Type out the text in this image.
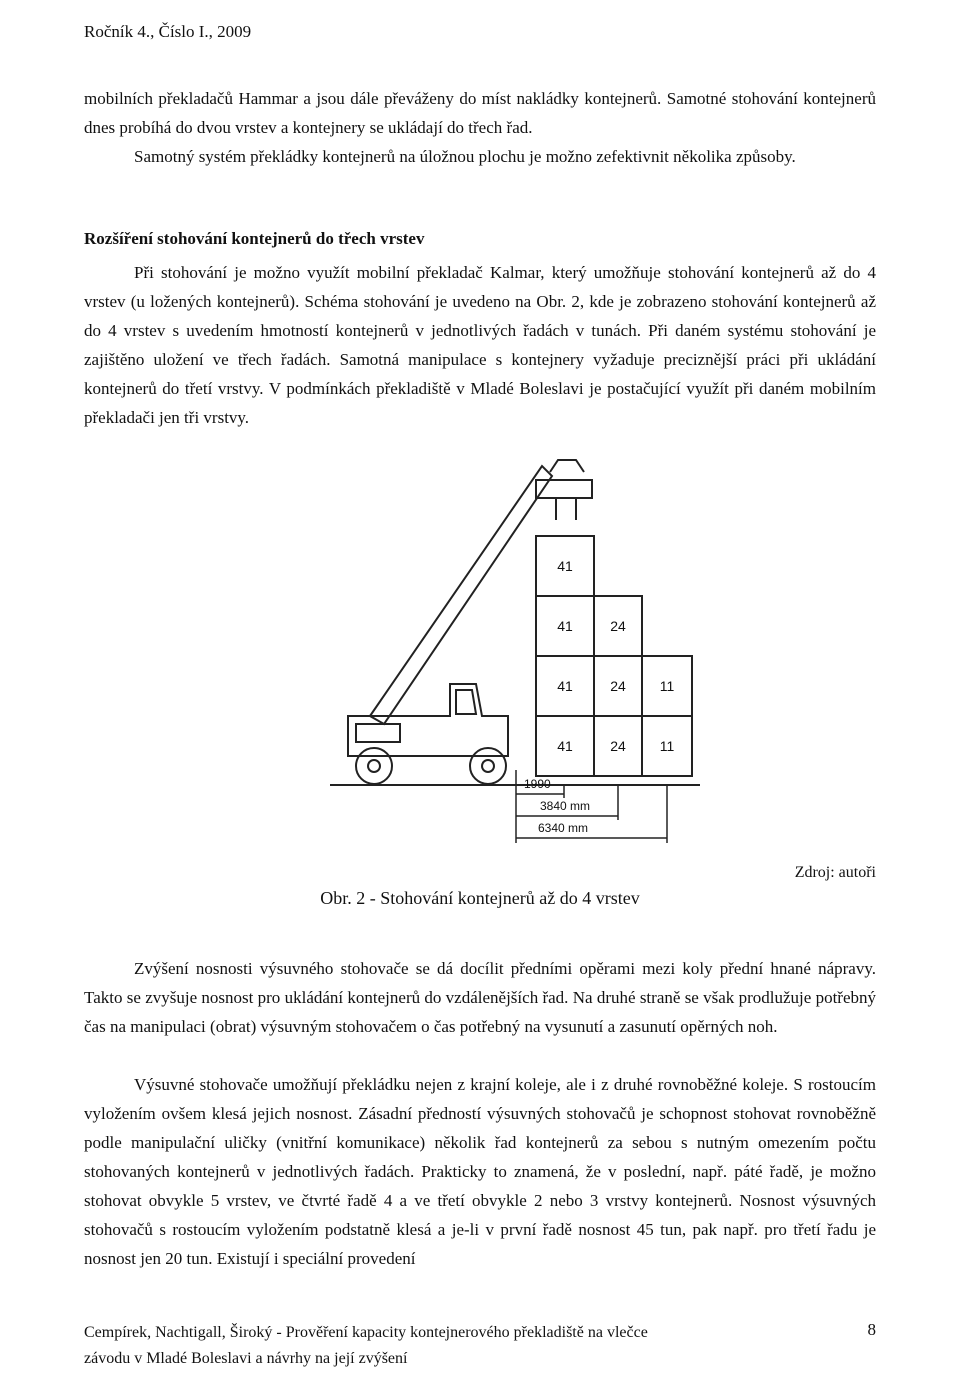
Ročník 4., Číslo I., 2009

mobilních překladačů Hammar a jsou dále převáženy do míst nakládky kontejnerů. Samotné stohování kontejnerů dnes probíhá do dvou vrstev a kontejnery se ukládají do třech řad.

Samotný systém překládky kontejnerů na úložnou plochu je možno zefektivnit několika způsoby.

Rozšíření stohování kontejnerů do třech vrstev

Při stohování je možno využít mobilní překladač Kalmar, který umožňuje stohování kontejnerů až do 4 vrstev (u ložených kontejnerů). Schéma stohování je uvedeno na Obr. 2, kde je zobrazeno stohování kontejnerů až do 4 vrstev s uvedením hmotností kontejnerů v jednotlivých řadách v tunách. Při daném systému stohování je zajištěno uložení ve třech řadách. Samotná manipulace s kontejnery vyžaduje preciznější práci při ukládání kontejnerů do třetí vrstvy. V podmínkách překladiště v Mladé Boleslavi je postačující využít při daném mobilním překladači jen tři vrstvy.

41
41
41
41
24
24
24
11
11
1990
3840 mm
6340 mm
Zdroj: autoři
Obr. 2 - Stohování kontejnerů až do 4 vrstev

Zvýšení nosnosti výsuvného stohovače se dá docílit předními opěrami mezi koly přední hnané nápravy. Takto se zvyšuje nosnost pro ukládání kontejnerů do vzdálenějších řad. Na druhé straně se však prodlužuje potřebný čas na manipulaci (obrat) výsuvným stohovačem o čas potřebný na vysunutí a zasunutí opěrných noh.

Výsuvné stohovače umožňují překládku nejen z krajní koleje, ale i z druhé rovnoběžné koleje. S rostoucím vyložením ovšem klesá jejich nosnost. Zásadní předností výsuvných stohovačů je schopnost stohovat rovnoběžně podle manipulační uličky (vnitřní komunikace) několik řad kontejnerů za sebou s nutným omezením počtu stohovaných kontejnerů v jednotlivých řadách. Prakticky to znamená, že v poslední, např. páté řadě, je možno stohovat obvykle 5 vrstev, ve čtvrté řadě 4 a ve třetí obvykle 2 nebo 3 vrstvy kontejnerů. Nosnost výsuvných stohovačů s rostoucím vyložením podstatně klesá a je-li v první řadě nosnost 45 tun, pak např. pro třetí řadu je nosnost jen 20 tun. Existují i speciální provedení

Cempírek, Nachtigall, Široký - Prověření kapacity kontejnerového překladiště na vlečce
závodu v Mladé Boleslavi a návrhy na její zvýšení
8
